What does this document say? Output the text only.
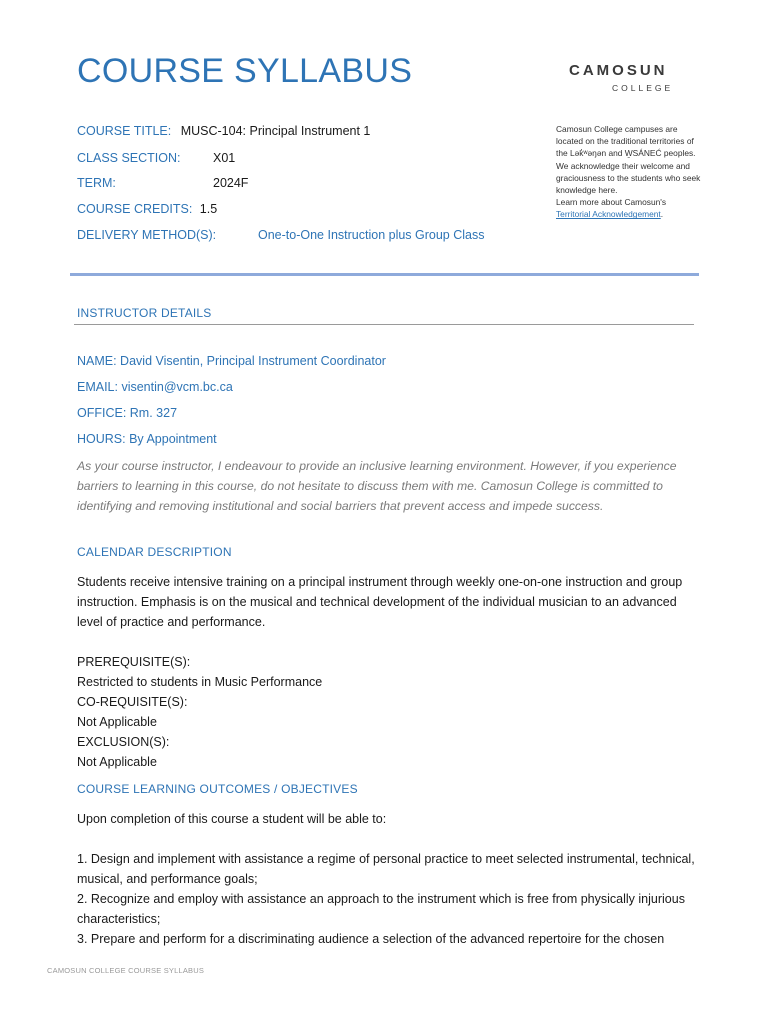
COURSE SYLLABUS
COURSE TITLE: MUSC-104: Principal Instrument 1
CLASS SECTION:	X01
TERM:	2024F
COURSE CREDITS: 1.5
DELIVERY METHOD(S):	One-to-One Instruction plus Group Class
CAMOSUN
COLLEGE
Camosun College campuses are
located on the traditional territories of
the Lək̓ʷəŋən and W̱SÁNEĆ peoples.
We acknowledge their welcome and
graciousness to the students who seek
knowledge here.
Learn more about Camosun's
Territorial Acknowledgement.
INSTRUCTOR DETAILS
NAME: David Visentin, Principal Instrument Coordinator
EMAIL: visentin@vcm.bc.ca
OFFICE: Rm. 327
HOURS: By Appointment
As your course instructor, I endeavour to provide an inclusive learning environment. However, if you experience barriers to learning in this course, do not hesitate to discuss them with me. Camosun College is committed to identifying and removing institutional and social barriers that prevent access and impede success.
CALENDAR DESCRIPTION
Students receive intensive training on a principal instrument through weekly one-on-one instruction and group instruction. Emphasis is on the musical and technical development of the individual musician to an advanced level of practice and performance.
PREREQUISITE(S):
Restricted to students in Music Performance
CO-REQUISITE(S):
Not Applicable
EXCLUSION(S):
Not Applicable
COURSE LEARNING OUTCOMES / OBJECTIVES
Upon completion of this course a student will be able to:
1. Design and implement with assistance a regime of personal practice to meet selected instrumental, technical, musical, and performance goals;
2. Recognize and employ with assistance an approach to the instrument which is free from physically injurious characteristics;
3. Prepare and perform for a discriminating audience a selection of the advanced repertoire for the chosen
CAMOSUN COLLEGE COURSE SYLLABUS
